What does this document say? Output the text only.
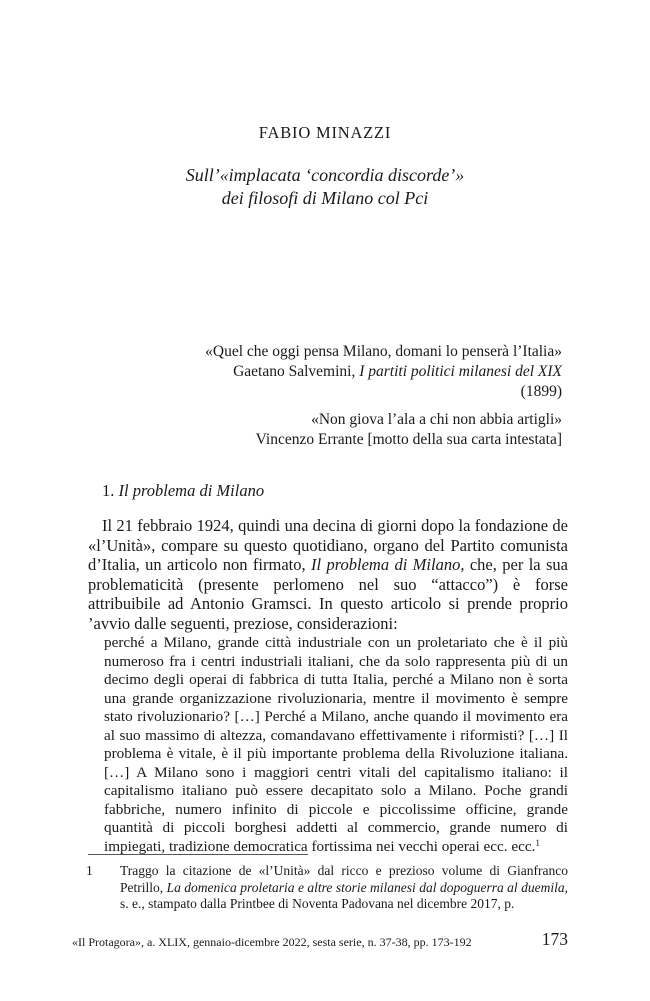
FABIO MINAZZI
Sull’«implacata ‘concordia discorde’»
dei filosofi di Milano col Pci
«Quel che oggi pensa Milano, domani lo penserà l’Italia»
Gaetano Salvemini, I partiti politici milanesi del XIX
(1899)
«Non giova l’ala a chi non abbia artigli»
Vincenzo Errante [motto della sua carta intestata]
1. Il problema di Milano

Il 21 febbraio 1924, quindi una decina di giorni dopo la fondazione de «l’Unità», compare su questo quotidiano, organo del Partito comunista d’Italia, un articolo non firmato, Il problema di Milano, che, per la sua problematicità (presente perlomeno nel suo “attacco”) è forse attribuibile ad Antonio Gramsci. In questo articolo si prende proprio ’avvio dalle seguenti, preziose, considerazioni:

perché a Milano, grande città industriale con un proletariato che è il più numeroso fra i centri industriali italiani, che da solo rappresenta più di un decimo degli operai di fabbrica di tutta Italia, perché a Milano non è sorta una grande organizzazione rivoluzionaria, mentre il movimento è sempre stato rivoluzionario? […] Perché a Milano, anche quando il movimento era al suo massimo di altezza, comandavano effettivamente i riformisti? […] Il problema è vitale, è il più importante problema della Rivoluzione italiana. […] A Milano sono i maggiori centri vitali del capitalismo italiano: il capitalismo italiano può essere decapitato solo a Milano. Poche grandi fabbriche, numero infinito di piccole e piccolissime officine, grande quantità di piccoli borghesi addetti al commercio, grande numero di impiegati, tradizione democratica fortissima nei vecchi operai ecc. ecc.$^1$

1 Traggo la citazione de «l’Unità» dal ricco e prezioso volume di Gianfranco Petrillo, La domenica proletaria e altre storie milanesi dal dopoguerra al duemila, s. e., stampato dalla Printbee di Noventa Padovana nel dicembre 2017, p.

«Il Protagora», a. XLIX, gennaio-dicembre 2022, sesta serie, n. 37-38, pp. 173-192	173
